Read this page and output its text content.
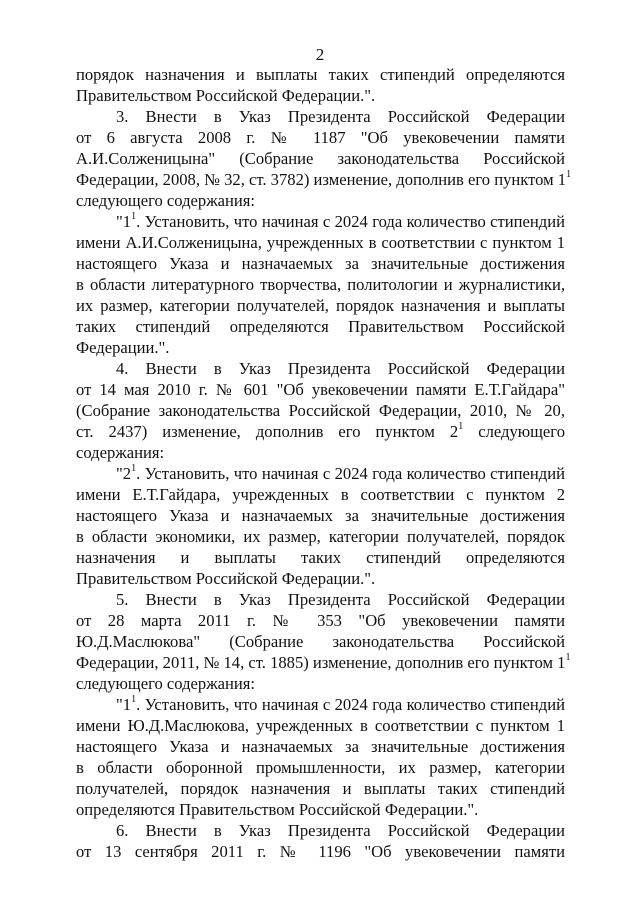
2
порядок назначения и выплаты таких стипендий определяются
Правительством Российской Федерации.".
3. Внести в Указ Президента Российской Федерации
от 6 августа 2008 г. № 1187 "Об увековечении памяти
А.И.Солженицына" (Собрание законодательства Российской
Федерации, 2008, № 32, ст. 3782) изменение, дополнив его пунктом $1^1$
следующего содержания:
"$1^1$. Установить, что начиная с 2024 года количество стипендий
имени А.И.Солженицына, учрежденных в соответствии с пунктом 1
настоящего Указа и назначаемых за значительные достижения
в области литературного творчества, политологии и журналистики,
их размер, категории получателей, порядок назначения и выплаты
таких стипендий определяются Правительством Российской
Федерации.".
4. Внести в Указ Президента Российской Федерации
от 14 мая 2010 г. № 601 "Об увековечении памяти Е.Т.Гайдара"
(Собрание законодательства Российской Федерации, 2010, № 20,
ст. 2437) изменение, дополнив его пунктом $2^1$ следующего
содержания:
"$2^1$. Установить, что начиная с 2024 года количество стипендий
имени Е.Т.Гайдара, учрежденных в соответствии с пунктом 2
настоящего Указа и назначаемых за значительные достижения
в области экономики, их размер, категории получателей, порядок
назначения и выплаты таких стипендий определяются
Правительством Российской Федерации.".
5. Внести в Указ Президента Российской Федерации
от 28 марта 2011 г. № 353 "Об увековечении памяти
Ю.Д.Маслюкова" (Собрание законодательства Российской
Федерации, 2011, № 14, ст. 1885) изменение, дополнив его пунктом $1^1$
следующего содержания:
"$1^1$. Установить, что начиная с 2024 года количество стипендий
имени Ю.Д.Маслюкова, учрежденных в соответствии с пунктом 1
настоящего Указа и назначаемых за значительные достижения
в области оборонной промышленности, их размер, категории
получателей, порядок назначения и выплаты таких стипендий
определяются Правительством Российской Федерации.".
6. Внести в Указ Президента Российской Федерации
от 13 сентября 2011 г. № 1196 "Об увековечении памяти
